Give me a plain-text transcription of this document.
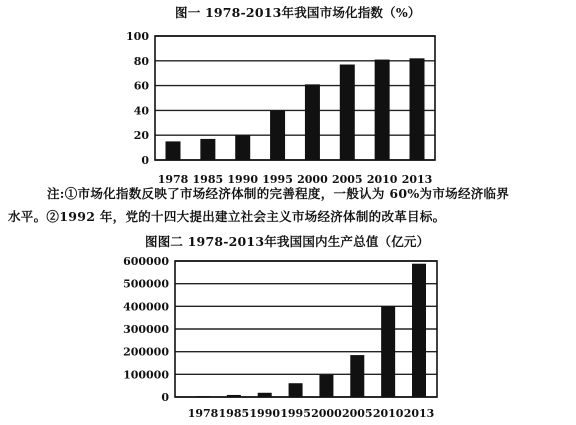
图一 1978-2013年我国市场化指数（%）
100
80
60
40
20
0
1978 1985 1990 1995 2000 2005 2010 2013
注:①市场化指数反映了市场经济体制的完善程度，一般认为 60%为市场经济临界
水平。②1992 年，党的十四大提出建立社会主义市场经济体制的改革目标。
图图二 1978-2013年我国国内生产总值（亿元）
600000
500000
400000
300000
200000
100000
0
1978 1985 1990 1995 2000 2005 2010 2013
